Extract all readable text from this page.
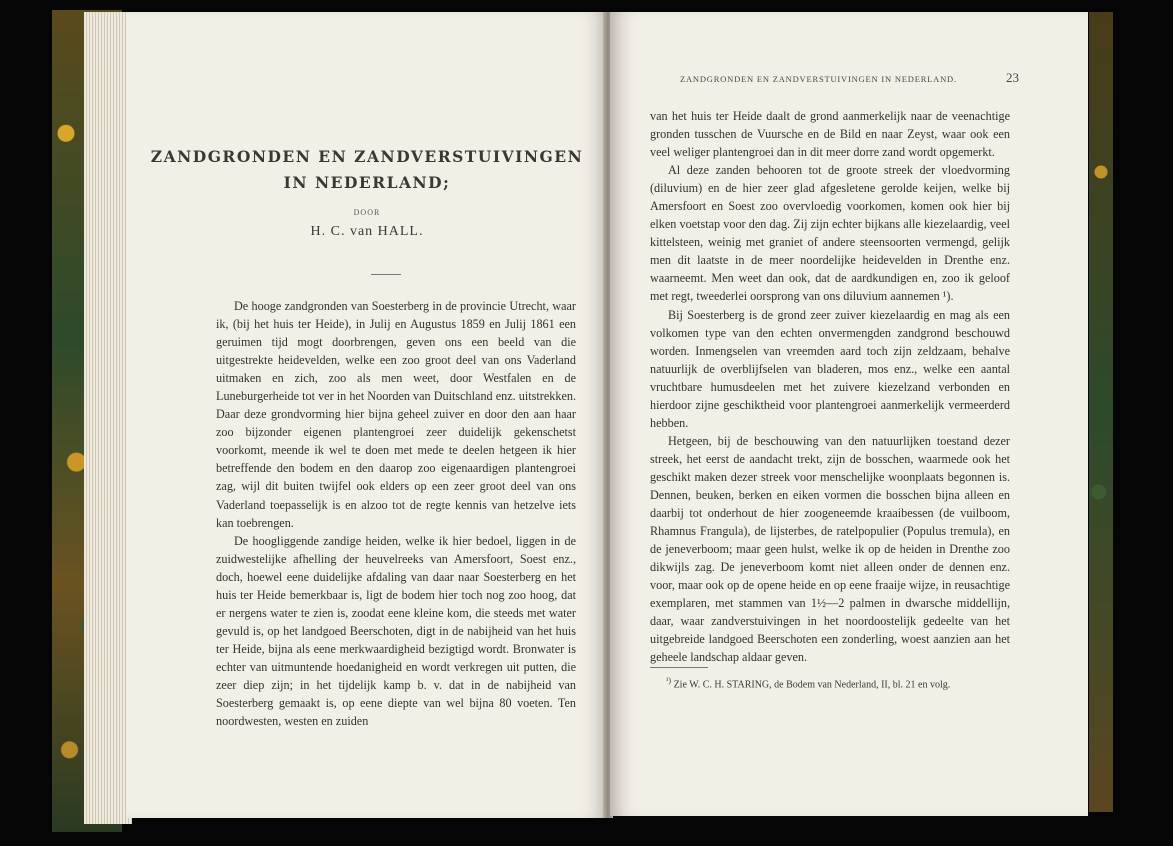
ZANDGRONDEN EN ZANDVERSTUIVINGEN
IN NEDERLAND;
DOOR
H. C. van HALL.

De hooge zandgronden van Soesterberg in de provincie Utrecht, waar ik, (bij het huis ter Heide), in Julij en Augustus 1859 en Julij 1861 een geruimen tijd mogt doorbrengen, geven ons een beeld van die uitgestrekte heidevelden, welke een zoo groot deel van ons Vaderland uitmaken en zich, zoo als men weet, door Westfalen en de Luneburgerheide tot ver in het Noorden van Duitschland enz. uitstrekken. Daar deze grondvorming hier bijna geheel zuiver en door den aan haar zoo bijzonder eigenen plantengroei zeer duidelijk gekenschetst voorkomt, meende ik wel te doen met mede te deelen hetgeen ik hier betreffende den bodem en den daarop zoo eigenaardigen plantengroei zag, wijl dit buiten twijfel ook elders op een zeer groot deel van ons Vaderland toepasselijk is en alzoo tot de regte kennis van hetzelve iets kan toebrengen.

De hoogliggende zandige heiden, welke ik hier bedoel, liggen in de zuidwestelijke afhelling der heuvelreeks van Amersfoort, Soest enz., doch, hoewel eene duidelijke afdaling van daar naar Soesterberg en het huis ter Heide bemerkbaar is, ligt de bodem hier toch nog zoo hoog, dat er nergens water te zien is, zoodat eene kleine kom, die steeds met water gevuld is, op het landgoed Beerschoten, digt in de nabijheid van het huis ter Heide, bijna als eene merkwaardigheid bezigtigd wordt. Bronwater is echter van uitmuntende hoedanigheid en wordt verkregen uit putten, die zeer diep zijn; in het tijdelijk kamp b. v. dat in de nabijheid van Soesterberg gemaakt is, op eene diepte van wel bijna 80 voeten. Ten noordwesten, westen en zuiden

ZANDGRONDEN EN ZANDVERSTUIVINGEN IN NEDERLAND.	23

van het huis ter Heide daalt de grond aanmerkelijk naar de veenachtige gronden tusschen de Vuursche en de Bild en naar Zeyst, waar ook een veel weliger plantengroei dan in dit meer dorre zand wordt opgemerkt.

Al deze zanden behooren tot de groote streek der vloedvorming (diluvium) en de hier zeer glad afgesletene gerolde keijen, welke bij Amersfoort en Soest zoo overvloedig voorkomen, komen ook hier bij elken voetstap voor den dag. Zij zijn echter bijkans alle kiezelaardig, veel kittelsteen, weinig met graniet of andere steensoorten vermengd, gelijk men dit laatste in de meer noordelijke heidevelden in Drenthe enz. waarneemt. Men weet dan ook, dat de aardkundigen en, zoo ik geloof met regt, tweederlei oorsprong van ons diluvium aannemen ¹).

Bij Soesterberg is de grond zeer zuiver kiezelaardig en mag als een volkomen type van den echten onvermengden zandgrond beschouwd worden. Inmengselen van vreemden aard toch zijn zeldzaam, behalve natuurlijk de overblijfselen van bladeren, mos enz., welke een aantal vruchtbare humusdeelen met het zuivere kiezelzand verbonden en hierdoor zijne geschiktheid voor plantengroei aanmerkelijk vermeerderd hebben.

Hetgeen, bij de beschouwing van den natuurlijken toestand dezer streek, het eerst de aandacht trekt, zijn de bosschen, waarmede ook het geschikt maken dezer streek voor menschelijke woonplaats begonnen is. Dennen, beuken, berken en eiken vormen die bosschen bijna alleen en daarbij tot onderhout de hier zoogeneemde kraaibessen (de vuilboom, Rhamnus Frangula), de lijsterbes, de ratelpopulier (Populus tremula), en de jeneverboom; maar geen hulst, welke ik op de heiden in Drenthe zoo dikwijls zag. De jeneverboom komt niet alleen onder de dennen enz. voor, maar ook op de opene heide en op eene fraaije wijze, in reusachtige exemplaren, met stammen van 1½—2 palmen in dwarsche middellijn, daar, waar zandverstuivingen in het noordoostelijk gedeelte van het uitgebreide landgoed Beerschoten een zonderling, woest aanzien aan het geheele landschap aldaar geven.

$^{^1)}$ Zie W. C. H. STARING, de Bodem van Nederland, II, bl. 21 en volg.
